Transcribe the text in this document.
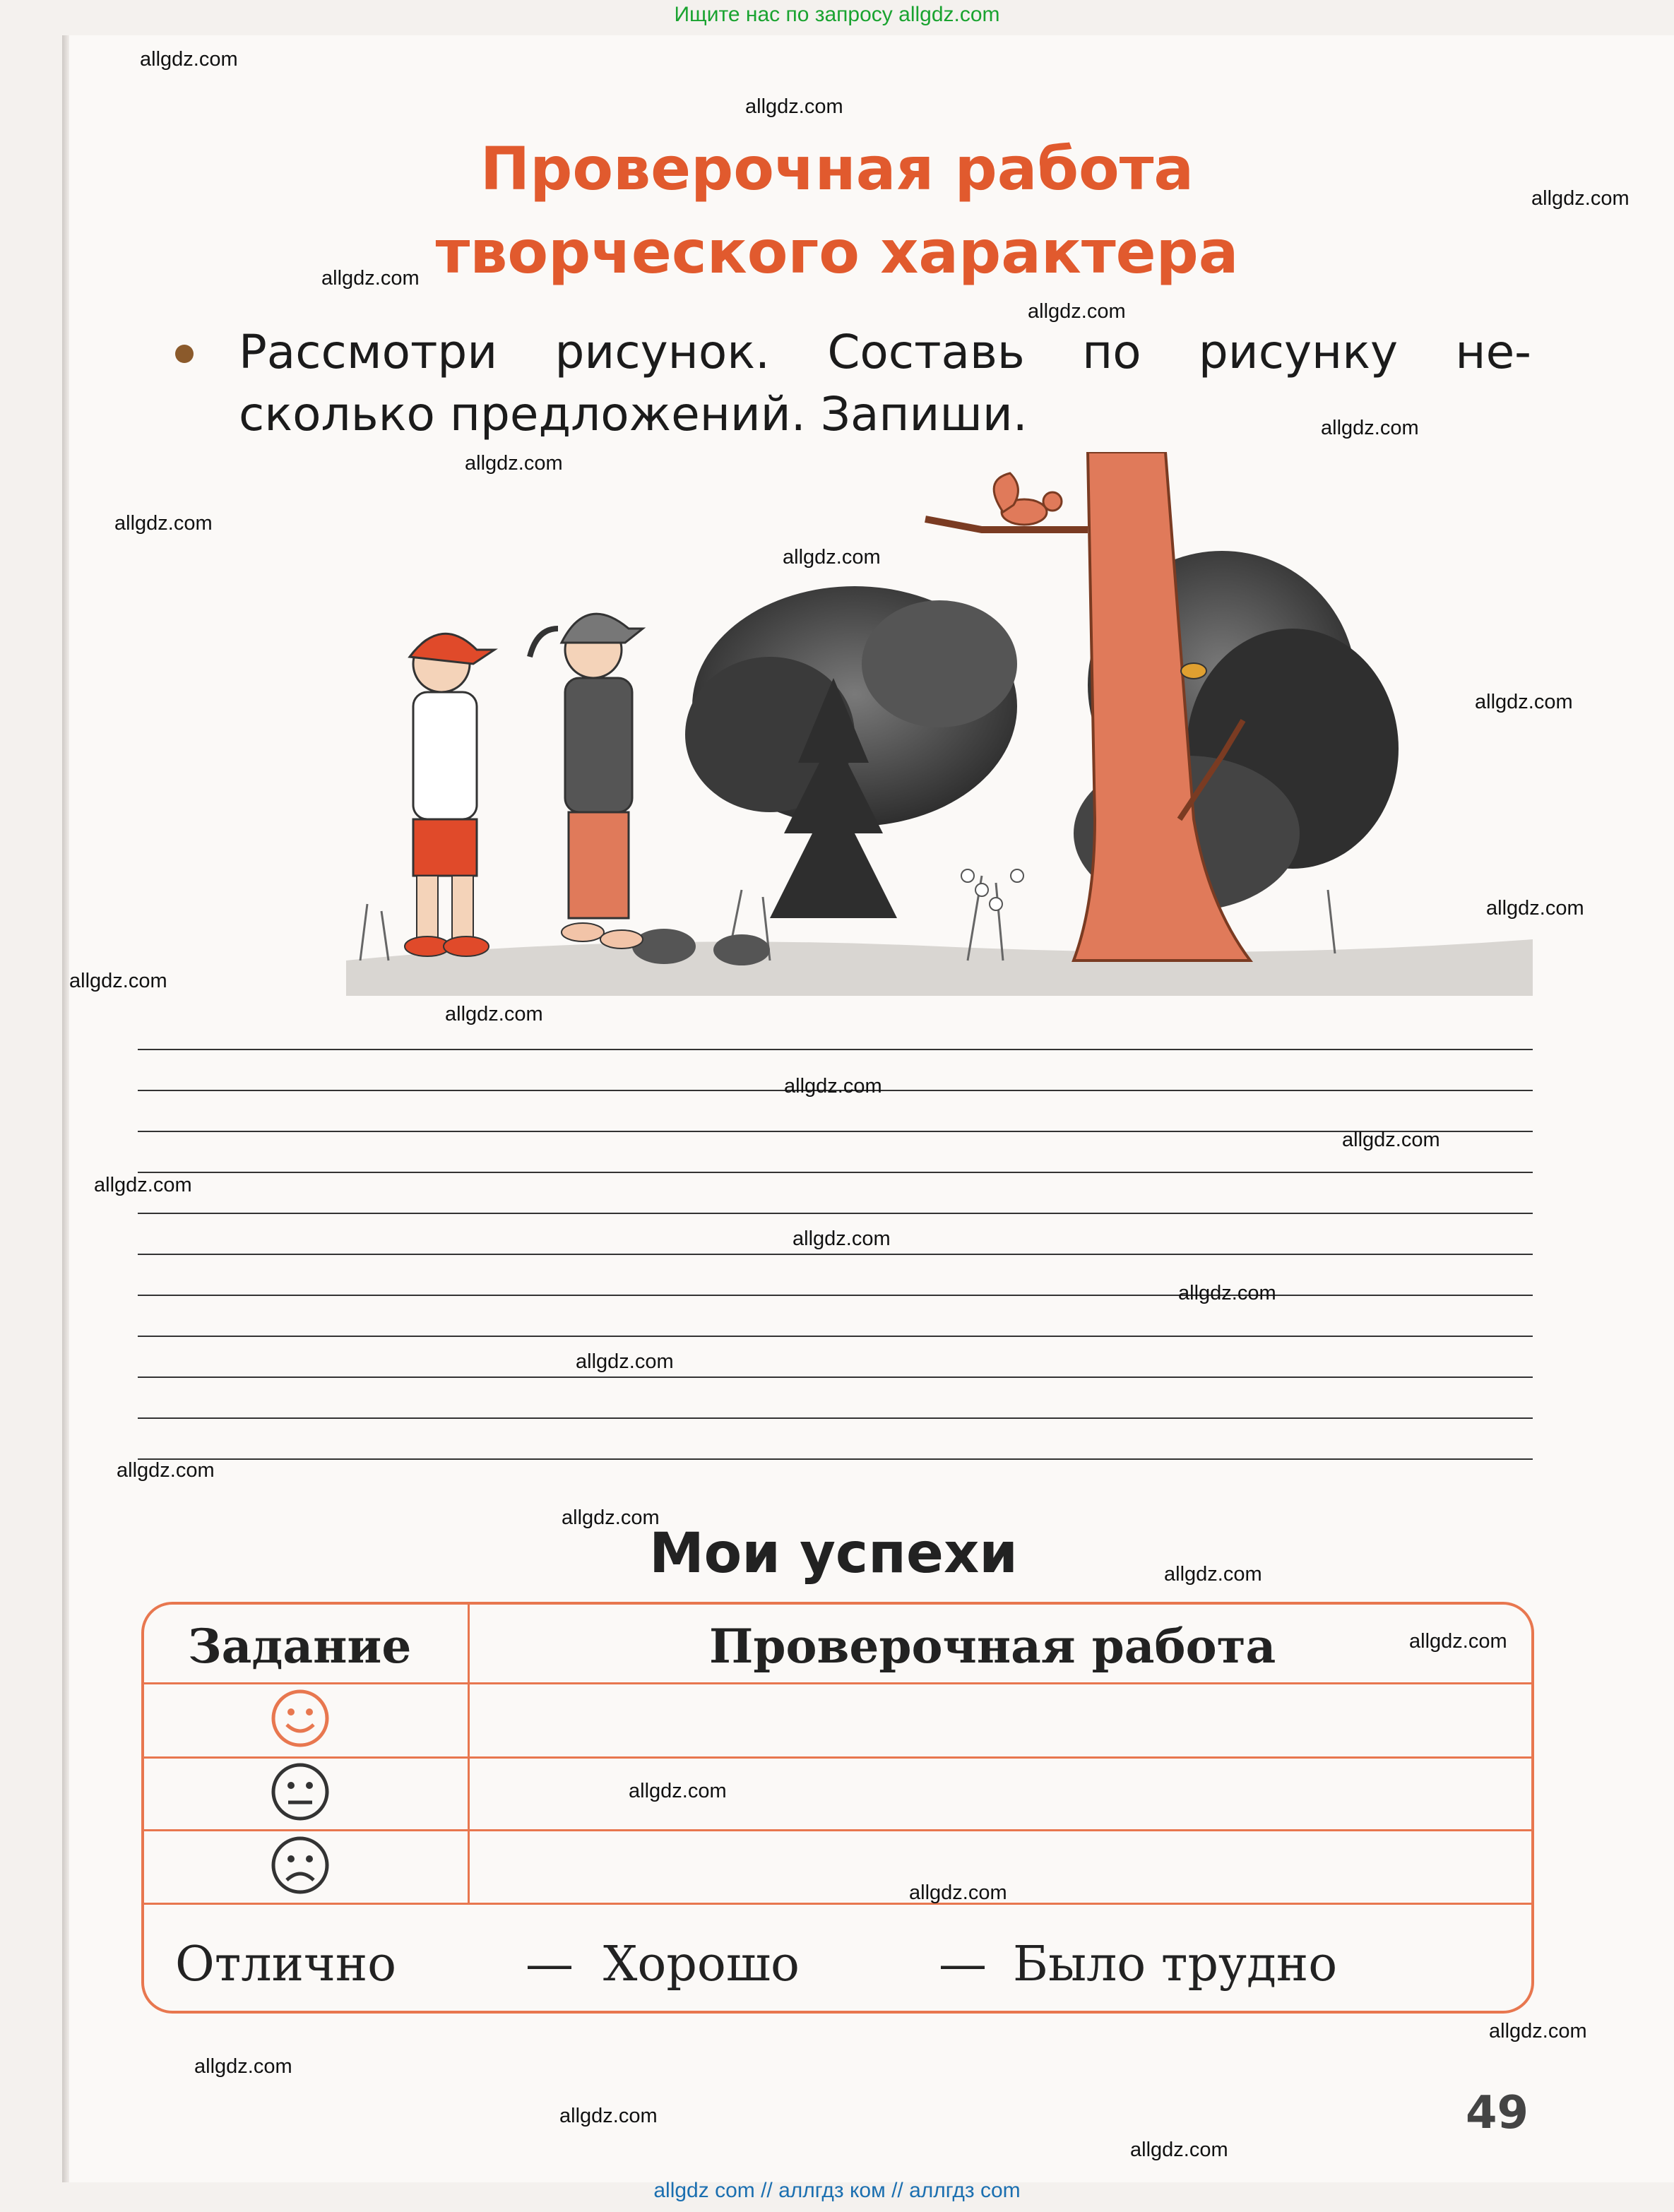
Ищите нас по запросу allgdz.com
Проверочная работа
творческого характера
Рассмотри рисунок. Составь по рисунку не-
сколько предложений. Запиши.
Мои успехи
Задание	Проверочная работа
Отлично	— Хорошо	— Было трудно
49
allgdz.com
allgdz.com
allgdz.com
allgdz.com
allgdz.com
allgdz.com
allgdz.com
allgdz.com
allgdz.com
allgdz.com
allgdz.com
allgdz.com
allgdz.com
allgdz.com
allgdz.com
allgdz.com
allgdz.com
allgdz.com
allgdz.com
allgdz.com
allgdz.com
allgdz.com
allgdz.com
allgdz.com
allgdz.com
allgdz.com
allgdz.com
allgdz.com
allgdz.com
allgdz com // аллгдз ком // аллгдз com
